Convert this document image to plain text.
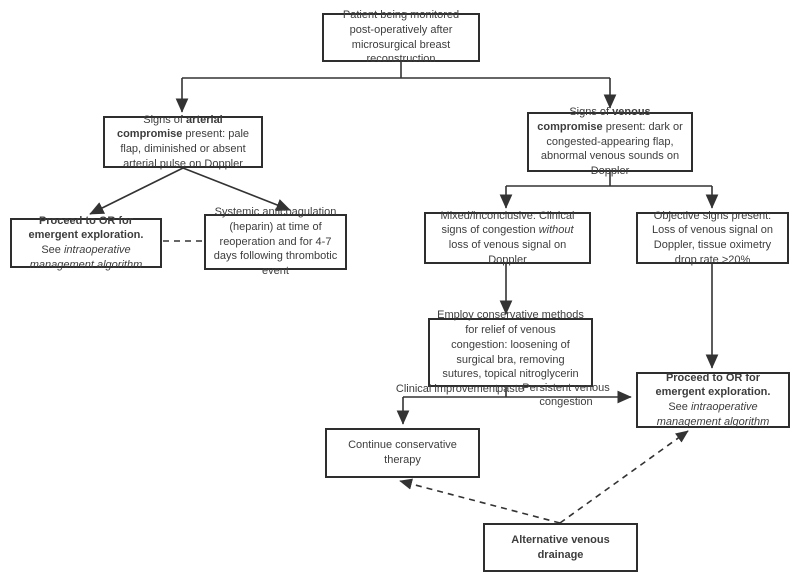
Patient being monitored post-operatively after microsurgical breast reconstruction
Signs of arterial compromise present: pale flap, diminished or absent arterial pulse on Doppler
Signs of venous compromise present: dark or congested-appearing flap, abnormal venous sounds on Doppler
Proceed to OR for emergent exploration. See intraoperative management algorithm
Systemic anticoagulation (heparin) at time of reoperation and for 4-7 days following thrombotic event
Mixed/inconclusive: Clinical signs of congestion without loss of venous signal on Doppler
Objective signs present: Loss of venous signal on Doppler, tissue oximetry drop rate >20%
Employ conservative methods for relief of venous congestion: loosening of surgical bra, removing sutures, topical nitroglycerin paste
Proceed to OR for emergent exploration. See intraoperative management algorithm
Continue conservative therapy
Alternative venous drainage
Clinical improvement	Persistent venous congestion
